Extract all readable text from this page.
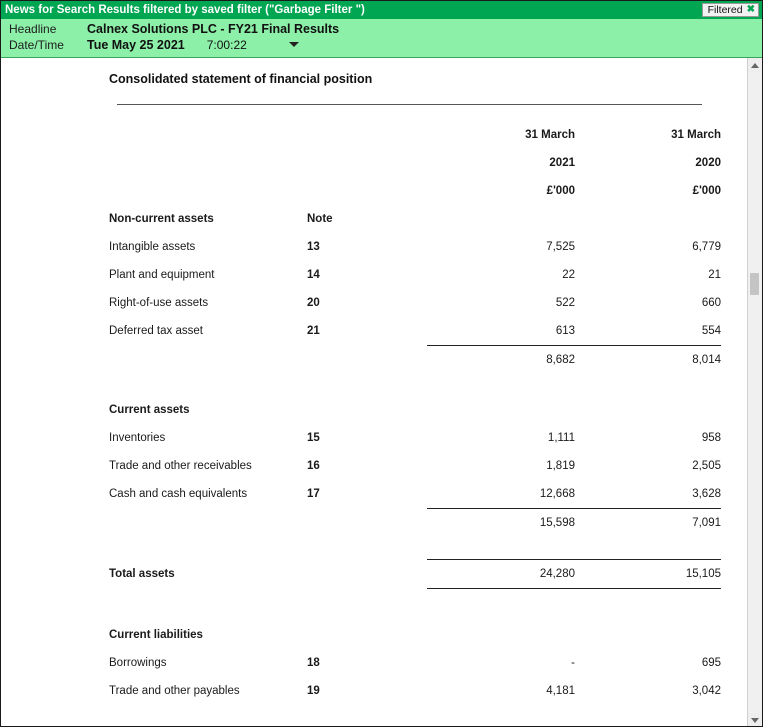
News for Search Results filtered by saved filter ("Garbage Filter ")	Filtered ✖
Headline	Calnex Solutions PLC - FY21 Final Results
Date/Time	Tue May 25 2021 7:00:22
Consolidated statement of financial position
		31 March	31 March
		2021	2020
		£'000	£'000
Non-current assets	Note		
Intangible assets	13	7,525	6,779
Plant and equipment	14	22	21
Right-of-use assets	20	522	660
Deferred tax asset	21	613	554
		8,682	8,014

Current assets			
Inventories	15	1,111	958
Trade and other receivables	16	1,819	2,505
Cash and cash equivalents	17	12,668	3,628
		15,598	7,091

Total assets		24,280	15,105

Current liabilities			
Borrowings	18	-	695
Trade and other payables	19	4,181	3,042
